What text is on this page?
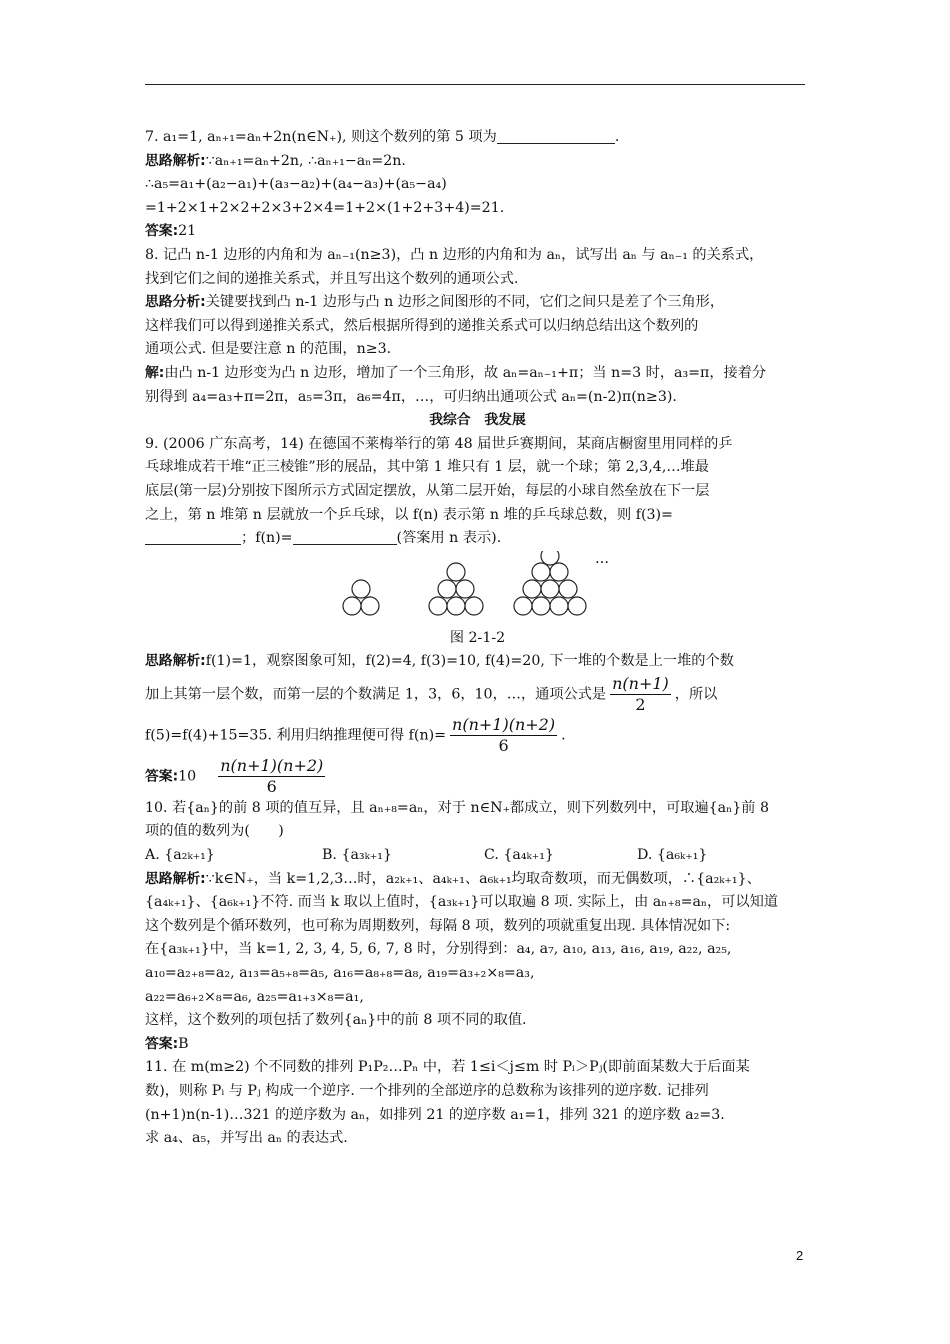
7. a₁=1, aₙ₊₁=aₙ+2n(n∈N₊), 则这个数列的第 5 项为	.
思路解析:∵aₙ₊₁=aₙ+2n, ∴aₙ₊₁−aₙ=2n.
∴a₅=a₁+(a₂−a₁)+(a₃−a₂)+(a₄−a₃)+(a₅−a₄)
=1+2×1+2×2+2×3+2×4=1+2×(1+2+3+4)=21.
答案:21
8. 记凸 n-1 边形的内角和为 aₙ₋₁(n≥3)，凸 n 边形的内角和为 aₙ，试写出 aₙ 与 aₙ₋₁ 的关系式，
找到它们之间的递推关系式，并且写出这个数列的通项公式.
思路分析:关键要找到凸 n-1 边形与凸 n 边形之间图形的不同，它们之间只是差了个三角形，
这样我们可以得到递推关系式，然后根据所得到的递推关系式可以归纳总结出这个数列的
通项公式. 但是要注意 n 的范围，n≥3.
解:由凸 n-1 边形变为凸 n 边形，增加了一个三角形，故 aₙ=aₙ₋₁+π；当 n=3 时，a₃=π，接着分
别得到 a₄=a₃+π=2π，a₅=3π，a₆=4π，…，可归纳出通项公式 aₙ=(n-2)π(n≥3).
我综合　我发展
9. (2006 广东高考，14) 在德国不莱梅举行的第 48 届世乒赛期间，某商店橱窗里用同样的乒
乓球堆成若干堆“正三棱锥”形的展品，其中第 1 堆只有 1 层，就一个球；第 2,3,4,…堆最
底层(第一层)分别按下图所示方式固定摆放，从第二层开始，每层的小球自然垒放在下一层
之上，第 n 堆第 n 层就放一个乒乓球，以 f(n) 表示第 n 堆的乒乓球总数，则 f(3)=
；f(n)=	(答案用 n 表示).
…
图 2-1-2
思路解析:f(1)=1，观察图象可知，f(2)=4, f(3)=10, f(4)=20, 下一堆的个数是上一堆的个数
加上其第一层个数，而第一层的个数满足 1，3，6，10，…，通项公式是 $\frac{n(n+1)}{2}$ ，所以
f(5)=f(4)+15=35. 利用归纳推理便可得 $f(n)= \frac{n(n+1)(n+2)}{6}$ .
答案:10 $\frac{n(n+1)(n+2)}{6}$
10. 若{aₙ}的前 8 项的值互异，且 aₙ₊₈=aₙ，对于 n∈N₊都成立，则下列数列中，可取遍{aₙ}前 8
项的值的数列为(　　)
A. {a₂ₖ₊₁}	B. {a₃ₖ₊₁}	C. {a₄ₖ₊₁}	D. {a₆ₖ₊₁}
思路解析:∵k∈N₊，当 k=1,2,3…时，a₂ₖ₊₁、a₄ₖ₊₁、a₆ₖ₊₁均取奇数项，而无偶数项，∴{a₂ₖ₊₁}、
{a₄ₖ₊₁}、{a₆ₖ₊₁}不符. 而当 k 取以上值时，{a₃ₖ₊₁}可以取遍 8 项. 实际上，由 aₙ₊₈=aₙ，可以知道
这个数列是个循环数列，也可称为周期数列，每隔 8 项，数列的项就重复出现. 具体情况如下:
在{a₃ₖ₊₁}中，当 k=1, 2, 3, 4, 5, 6, 7, 8 时，分别得到：a₄, a₇, a₁₀, a₁₃, a₁₆, a₁₉, a₂₂, a₂₅,
a₁₀=a₂₊₈=a₂, a₁₃=a₅₊₈=a₅, a₁₆=a₈₊₈=a₈, a₁₉=a₃₊₂×₈=a₃,
a₂₂=a₆₊₂×₈=a₆, a₂₅=a₁₊₃×₈=a₁,
这样，这个数列的项包括了数列{aₙ}中的前 8 项不同的取值.
答案:B
11. 在 m(m≥2) 个不同数的排列 P₁P₂…Pₙ 中，若 1≤i＜j≤m 时 Pᵢ＞Pⱼ(即前面某数大于后面某
数)，则称 Pᵢ 与 Pⱼ 构成一个逆序. 一个排列的全部逆序的总数称为该排列的逆序数. 记排列
(n+1)n(n-1)…321 的逆序数为 aₙ，如排列 21 的逆序数 a₁=1，排列 321 的逆序数 a₂=3.
求 a₄、a₅，并写出 aₙ 的表达式.
2
